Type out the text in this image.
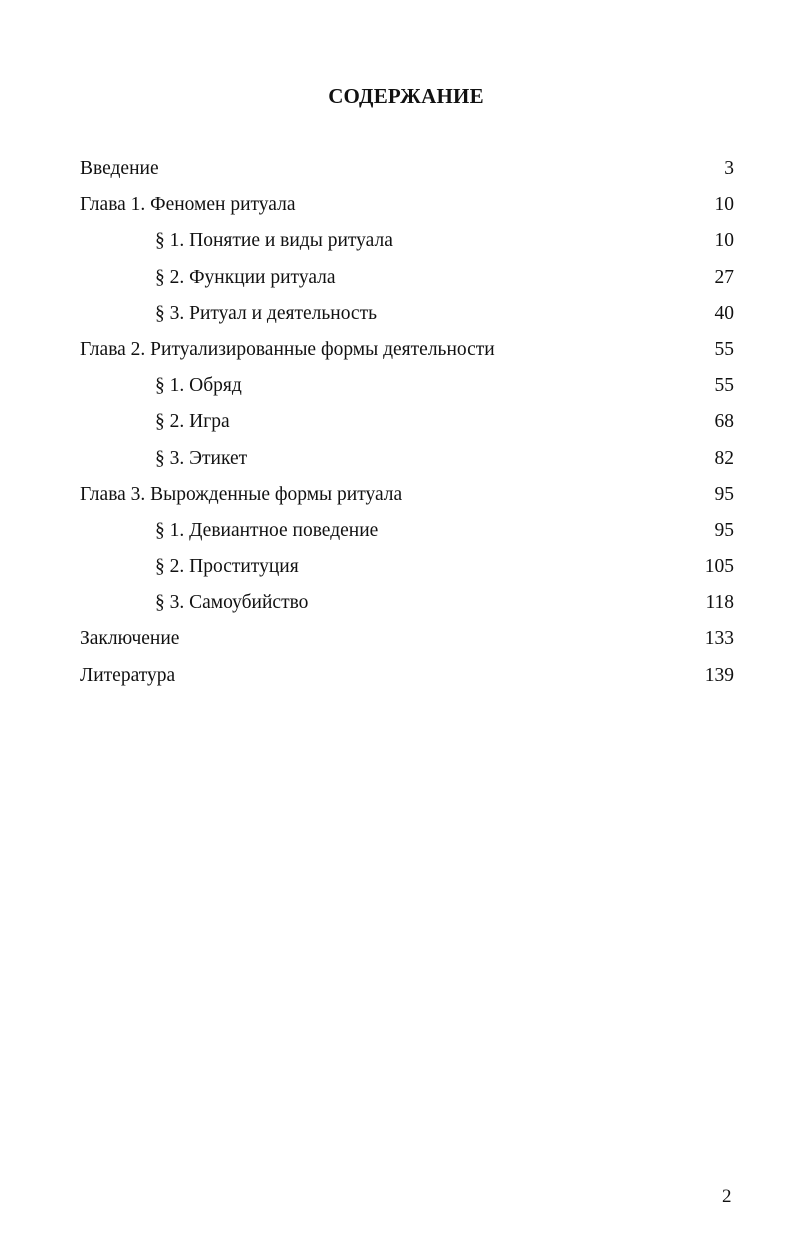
СОДЕРЖАНИЕ
Введение	3
Глава 1. Феномен ритуала	10
§ 1. Понятие и виды ритуала	10
§ 2. Функции ритуала	27
§ 3. Ритуал и деятельность	40
Глава 2. Ритуализированные формы деятельности	55
§ 1. Обряд	55
§ 2. Игра	68
§ 3. Этикет	82
Глава 3. Вырожденные формы ритуала	95
§ 1. Девиантное поведение	95
§ 2. Проституция	105
§ 3. Самоубийство	118
Заключение	133
Литература	139
2
